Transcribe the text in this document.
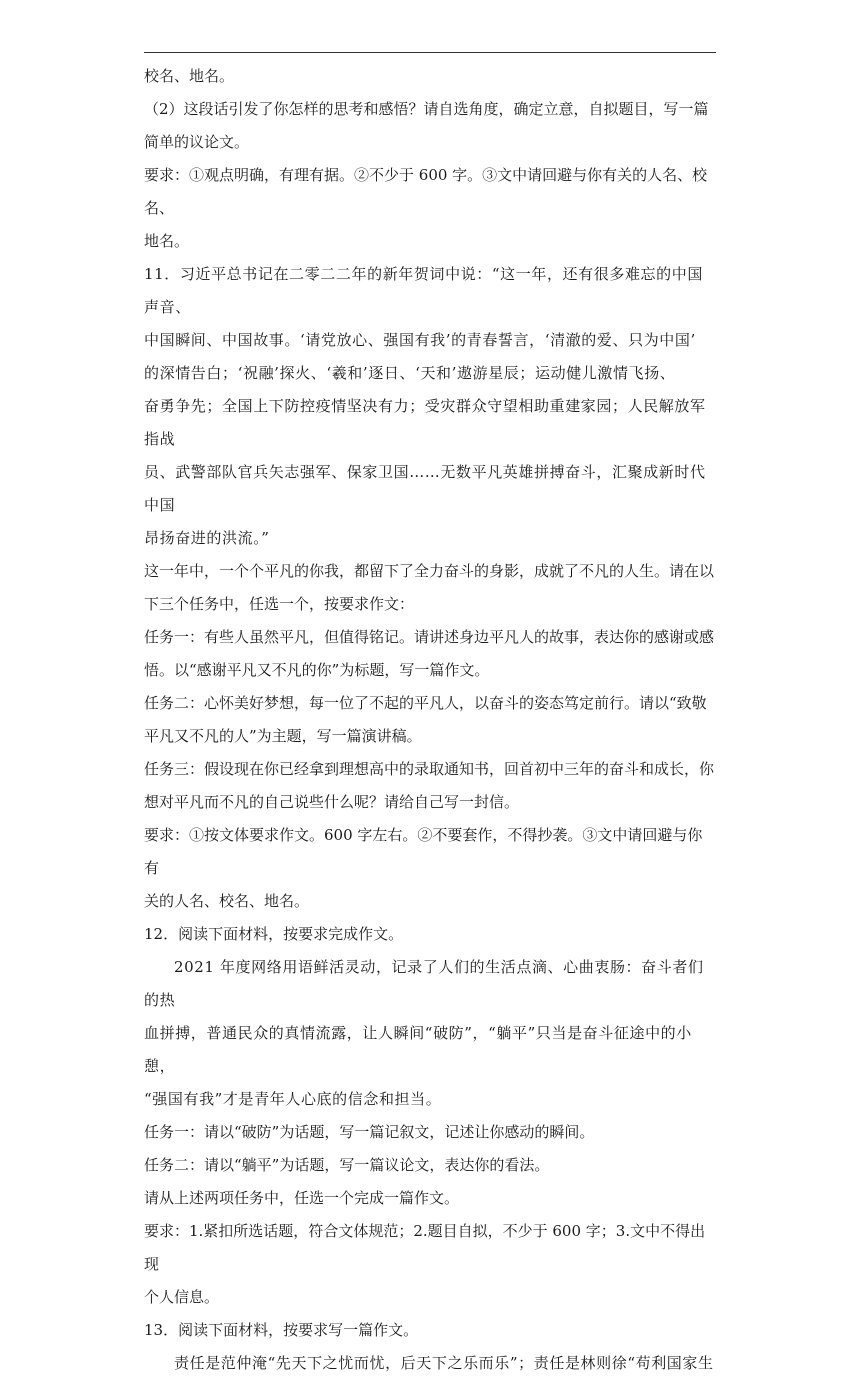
校名、地名。

（2）这段话引发了你怎样的思考和感悟？请自选角度，确定立意，自拟题目，写一篇

简单的议论文。

要求：①观点明确，有理有据。②不少于 600 字。③文中请回避与你有关的人名、校名、

地名。

11．习近平总书记在二零二二年的新年贺词中说：“这一年，还有很多难忘的中国声音、

中国瞬间、中国故事。‘请党放心、强国有我’的青春誓言，‘清澈的爱、只为中国’

的深情告白；‘祝融’探火、‘羲和’逐日、‘天和’遨游星辰；运动健儿激情飞扬、

奋勇争先；全国上下防控疫情坚决有力；受灾群众守望相助重建家园；人民解放军指战

员、武警部队官兵矢志强军、保家卫国……无数平凡英雄拼搏奋斗，汇聚成新时代中国

昂扬奋进的洪流。”

这一年中，一个个平凡的你我，都留下了全力奋斗的身影，成就了不凡的人生。请在以

下三个任务中，任选一个，按要求作文：

任务一：有些人虽然平凡，但值得铭记。请讲述身边平凡人的故事，表达你的感谢或感

悟。以“感谢平凡又不凡的你”为标题，写一篇作文。

任务二：心怀美好梦想，每一位了不起的平凡人，以奋斗的姿态笃定前行。请以“致敬

平凡又不凡的人”为主题，写一篇演讲稿。

任务三：假设现在你已经拿到理想高中的录取通知书，回首初中三年的奋斗和成长，你

想对平凡而不凡的自己说些什么呢？请给自己写一封信。

要求：①按文体要求作文。600 字左右。②不要套作，不得抄袭。③文中请回避与你有

关的人名、校名、地名。

12．阅读下面材料，按要求完成作文。

2021 年度网络用语鲜活灵动，记录了人们的生活点滴、心曲衷肠：奋斗者们的热

血拼搏，普通民众的真情流露，让人瞬间“破防”，“躺平”只当是奋斗征途中的小憩，

“强国有我”才是青年人心底的信念和担当。

任务一：请以“破防”为话题，写一篇记叙文，记述让你感动的瞬间。

任务二：请以“躺平”为话题，写一篇议论文，表达你的看法。

请从上述两项任务中，任选一个完成一篇作文。

要求：1.紧扣所选话题，符合文体规范；2.题目自拟，不少于 600 字；3.文中不得出现

个人信息。

13．阅读下面材料，按要求写一篇作文。

责任是范仲淹“先天下之忧而忧，后天下之乐而乐”；责任是林则徐“苟利国家生
